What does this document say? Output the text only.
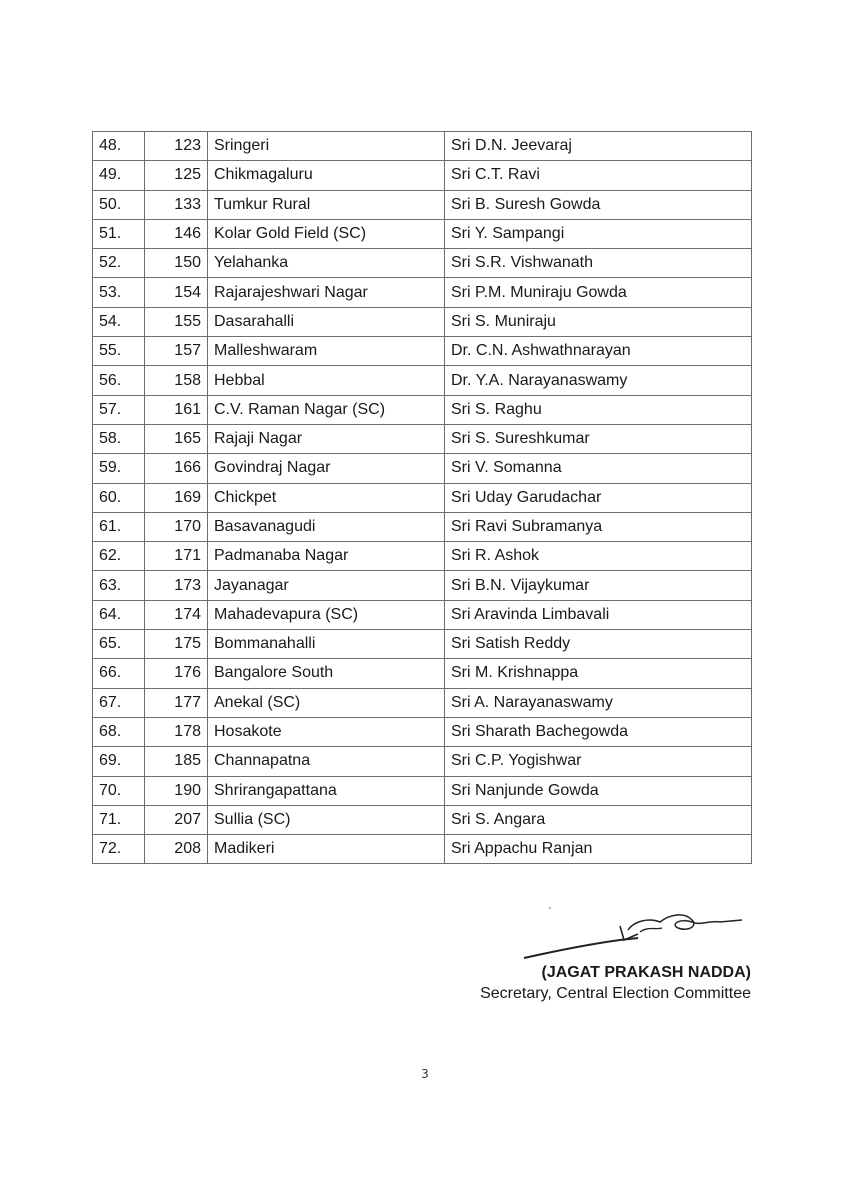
48.	123	Sringeri	Sri D.N. Jeevaraj
49.	125	Chikmagaluru	Sri C.T. Ravi
50.	133	Tumkur Rural	Sri B. Suresh Gowda
51.	146	Kolar Gold Field (SC)	Sri Y. Sampangi
52.	150	Yelahanka	Sri S.R. Vishwanath
53.	154	Rajarajeshwari Nagar	Sri P.M. Muniraju Gowda
54.	155	Dasarahalli	Sri S. Muniraju
55.	157	Malleshwaram	Dr. C.N. Ashwathnarayan
56.	158	Hebbal	Dr. Y.A. Narayanaswamy
57.	161	C.V. Raman Nagar (SC)	Sri S. Raghu
58.	165	Rajaji Nagar	Sri S. Sureshkumar
59.	166	Govindraj Nagar	Sri V. Somanna
60.	169	Chickpet	Sri Uday Garudachar
61.	170	Basavanagudi	Sri Ravi Subramanya
62.	171	Padmanaba Nagar	Sri R. Ashok
63.	173	Jayanagar	Sri B.N. Vijaykumar
64.	174	Mahadevapura (SC)	Sri Aravinda Limbavali
65.	175	Bommanahalli	Sri Satish Reddy
66.	176	Bangalore South	Sri M. Krishnappa
67.	177	Anekal (SC)	Sri A. Narayanaswamy
68.	178	Hosakote	Sri Sharath Bachegowda
69.	185	Channapatna	Sri C.P. Yogishwar
70.	190	Shrirangapattana	Sri Nanjunde Gowda
71.	207	Sullia (SC)	Sri S. Angara
72.	208	Madikeri	Sri Appachu Ranjan
(JAGAT PRAKASH NADDA)
Secretary, Central Election Committee
3
